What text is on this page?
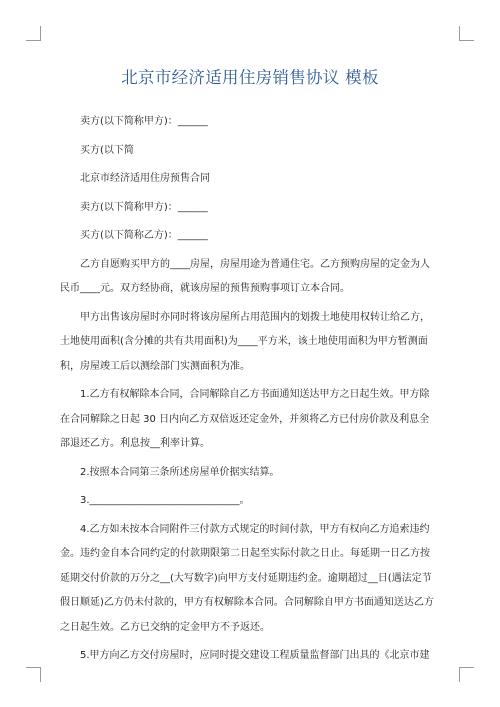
北京市经济适用住房销售协议 模板

卖方(以下简称甲方)：______

买方(以下简

北京市经济适用住房预售合同

卖方(以下简称甲方)：______

买方(以下简称乙方)：______

乙方自愿购买甲方的____房屋，房屋用途为普通住宅。乙方预购房屋的定金为人
民币____元。双方经协商，就该房屋的预售预购事项订立本合同。

甲方出售该房屋时亦同时将该房屋所占用范围内的划拨土地使用权转让给乙方，
土地使用面积(含分摊的共有共用面积)为____平方米，该土地使用面积为甲方暂测面
积，房屋竣工后以测绘部门实测面积为准。

1.乙方有权解除本合同，合同解除自乙方书面通知送达甲方之日起生效。甲方除
在合同解除之日起 30 日内向乙方双倍返还定金外，并须将乙方已付房价款及利息全
部退还乙方。利息按__利率计算。

2.按照本合同第三条所述房屋单价据实结算。

3.______________________________。

4.乙方如未按本合同附件三付款方式规定的时间付款，甲方有权向乙方追索违约
金。违约金自本合同约定的付款期限第二日起至实际付款之日止。每延期一日乙方按
延期交付价款的万分之__(大写数字)向甲方支付延期违约金。逾期超过__日(遇法定节
假日顺延)乙方仍未付款的，甲方有权解除本合同。合同解除自甲方书面通知送达乙方
之日起生效。乙方已交纳的定金甲方不予返还。

5.甲方向乙方交付房屋时，应同时提交建设工程质量监督部门出具的《北京市建
